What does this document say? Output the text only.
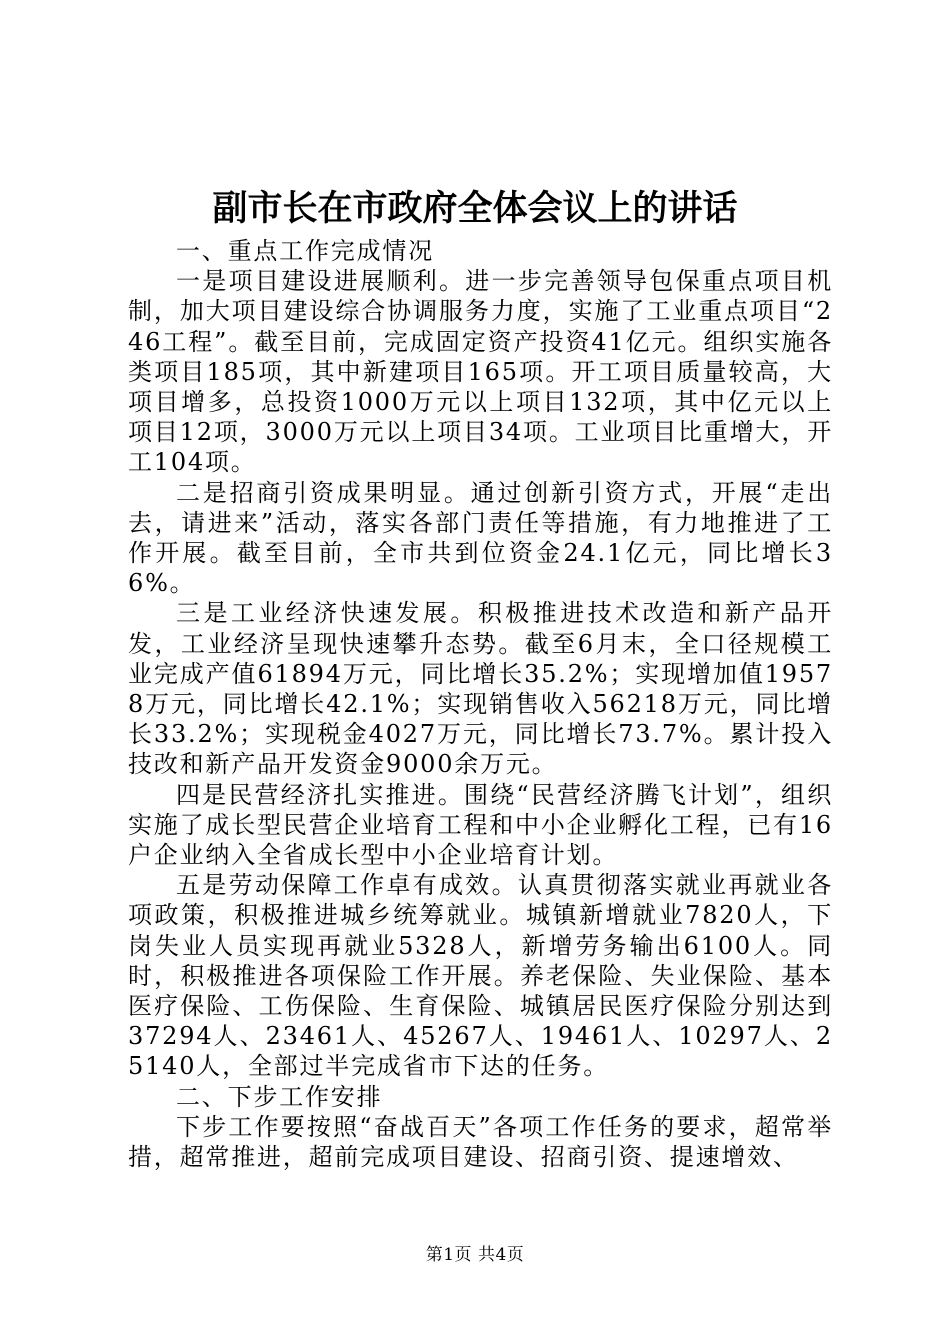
副市长在市政府全体会议上的讲话

一、重点工作完成情况

一是项目建设进展顺利。进一步完善领导包保重点项目机制，加大项目建设综合协调服务力度，实施了工业重点项目“246工程”。截至目前，完成固定资产投资41亿元。组织实施各类项目185项，其中新建项目165项。开工项目质量较高，大项目增多，总投资1000万元以上项目132项，其中亿元以上项目12项，3000万元以上项目34项。工业项目比重增大，开工104项。

二是招商引资成果明显。通过创新引资方式，开展“走出去，请进来”活动，落实各部门责任等措施，有力地推进了工作开展。截至目前，全市共到位资金24.1亿元，同比增长36%。

三是工业经济快速发展。积极推进技术改造和新产品开发，工业经济呈现快速攀升态势。截至6月末，全口径规模工业完成产值61894万元，同比增长35.2%；实现增加值19578万元，同比增长42.1%；实现销售收入56218万元，同比增长33.2%；实现税金4027万元，同比增长73.7%。累计投入技改和新产品开发资金9000余万元。

四是民营经济扎实推进。围绕“民营经济腾飞计划”，组织实施了成长型民营企业培育工程和中小企业孵化工程，已有16户企业纳入全省成长型中小企业培育计划。

五是劳动保障工作卓有成效。认真贯彻落实就业再就业各项政策，积极推进城乡统筹就业。城镇新增就业7820人，下岗失业人员实现再就业5328人，新增劳务输出6100人。同时，积极推进各项保险工作开展。养老保险、失业保险、基本医疗保险、工伤保险、生育保险、城镇居民医疗保险分别达到37294人、23461人、45267人、19461人、10297人、25140人，全部过半完成省市下达的任务。

二、下步工作安排

下步工作要按照“奋战百天”各项工作任务的要求，超常举措，超常推进，超前完成项目建设、招商引资、提速增效、

第1页 共4页
